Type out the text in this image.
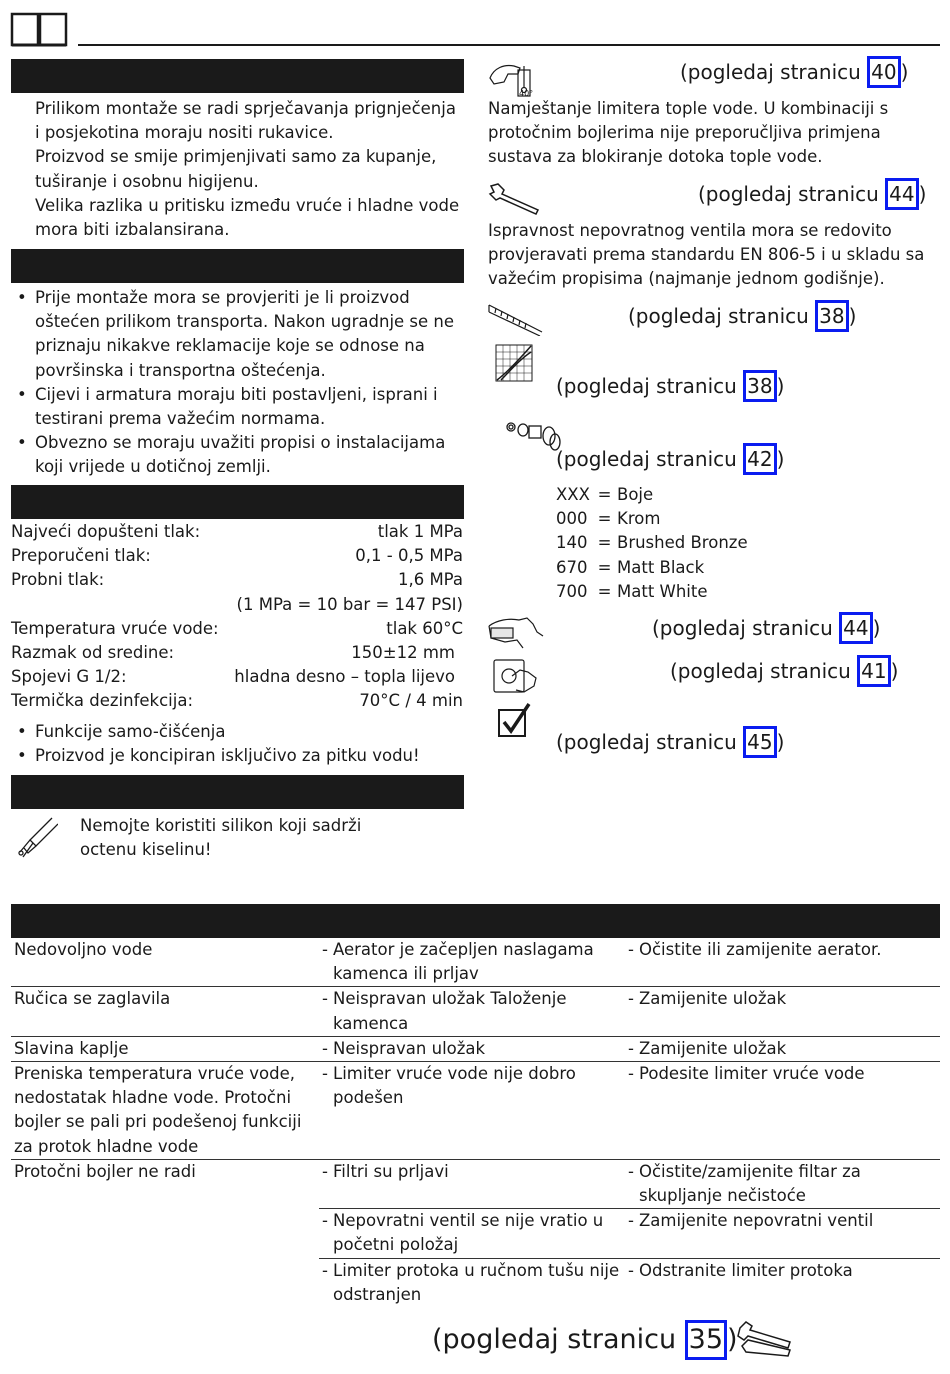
Prilikom montaže se radi sprječavanja prignječenja i posjekotina moraju nositi rukavice.
Proizvod se smije primjenjivati samo za kupanje, tuširanje i osobnu higijenu.
Velika razlika u pritisku između vruće i hladne vode mora biti izbalansirana.
• Prije montaže mora se provjeriti je li proizvod oštećen prilikom transporta. Nakon ugradnje se ne priznaju nikakve reklamacije koje se odnose na površinska i transportna oštećenja.
• Cijevi i armatura moraju biti postavljeni, isprani i testirani prema važećim normama.
• Obvezno se moraju uvažiti propisi o instalacijama koji vrijede u dotičnoj zemlji.
Najveći dopušteni tlak:	tlak 1 MPa
Preporučeni tlak:	0,1 - 0,5 MPa
Probni tlak:	1,6 MPa
(1 MPa = 10 bar = 147 PSI)
Temperatura vruće vode:	tlak 60°C
Razmak od sredine:	150±12 mm
Spojevi G 1/2:	hladna desno – topla lijevo
Termička dezinfekcija:	70°C / 4 min
• Funkcije samo-čišćenja
• Proizvod je koncipiran isključivo za pitku vodu!
Nemojte koristiti silikon koji sadrži octenu kiselinu!
40°
(pogledaj stranicu 40 )
Namještanje limitera tople vode. U kombinaciji s protočnim bojlerima nije preporučljiva primjena sustava za blokiranje dotoka tople vode.
(pogledaj stranicu 44 )
Ispravnost nepovratnog ventila mora se redovito provjeravati prema standardu EN 806-5 i u skladu sa važećim propisima (najmanje jednom godišnje).
(pogledaj stranicu 38 )
(pogledaj stranicu 38 )
(pogledaj stranicu 42 )
XXX = Boje
000 = Krom
140 = Brushed Bronze
670 = Matt Black
700 = Matt White
(pogledaj stranicu 44 )
(pogledaj stranicu 41 )
(pogledaj stranicu 45 )
Nedovoljno vode	- Aerator je začepljen naslagama kamenca ili prljav	- Očistite ili zamijenite aerator.

Ručica se zaglavila	- Neispravan uložak Taloženje kamenca	- Zamijenite uložak

Slavina kaplje	- Neispravan uložak	- Zamijenite uložak

Preniska temperatura vruće vode, nedostatak hladne vode. Protočni bojler se pali pri podešenoj funkciji za protok hladne vode	- Limiter vruće vode nije dobro podešen	- Podesite limiter vruće vode

Protočni bojler ne radi	- Filtri su prljavi	- Očistite/zamijenite filtar za skupljanje nečistoće

	- Nepovratni ventil se nije vratio u početni položaj	- Zamijenite nepovratni ventil

	- Limiter protoka u ručnom tušu nije odstranjen	- Odstranite limiter protoka
(pogledaj stranicu 35 )
